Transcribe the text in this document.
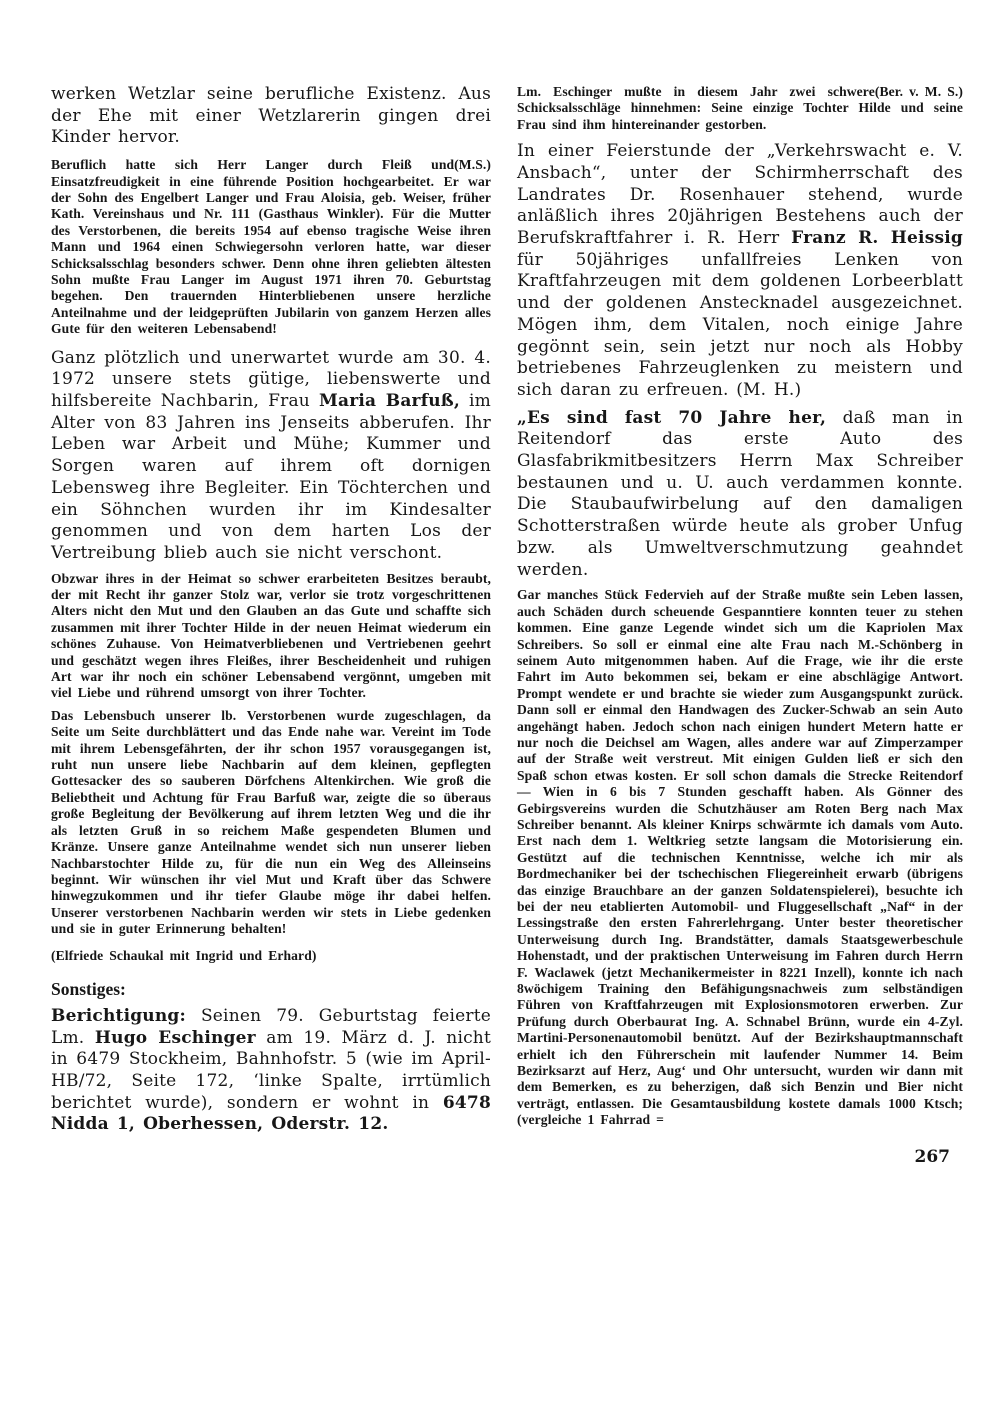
werken Wetzlar seine berufliche Existenz. Aus der Ehe mit einer Wetzlarerin gingen drei Kinder hervor.

(M.S.)
Beruflich hatte sich Herr Langer durch Fleiß und Einsatzfreudigkeit in eine führende Position hochgearbeitet. Er war der Sohn des Engelbert Langer und Frau Aloisia, geb. Weiser, früher Kath. Vereinshaus und Nr. 111 (Gasthaus Winkler). Für die Mutter des Verstorbenen, die bereits 1954 auf ebenso tragische Weise ihren Mann und 1964 einen Schwiegersohn verloren hatte, war dieser Schicksalsschlag besonders schwer. Denn ohne ihren geliebten ältesten Sohn mußte Frau Langer im August 1971 ihren 70. Geburtstag begehen. Den trauernden Hinterbliebenen unsere herzliche Anteilnahme und der leidgeprüften Jubilarin von ganzem Herzen alles Gute für den weiteren Lebensabend!

Ganz plötzlich und unerwartet wurde am 30. 4. 1972 unsere stets gütige, liebenswerte und hilfsbereite Nachbarin, Frau Maria Barfuß, im Alter von 83 Jahren ins Jenseits abberufen. Ihr Leben war Arbeit und Mühe; Kummer und Sorgen waren auf ihrem oft dornigen Lebensweg ihre Begleiter. Ein Töchterchen und ein Söhnchen wurden ihr im Kindesalter genommen und von dem harten Los der Vertreibung blieb auch sie nicht verschont.

Obzwar ihres in der Heimat so schwer erarbeiteten Besitzes beraubt, der mit Recht ihr ganzer Stolz war, verlor sie trotz vorgeschrittenen Alters nicht den Mut und den Glauben an das Gute und schaffte sich zusammen mit ihrer Tochter Hilde in der neuen Heimat wiederum ein schönes Zuhause. Von Heimatverbliebenen und Vertriebenen geehrt und geschätzt wegen ihres Fleißes, ihrer Bescheidenheit und ruhigen Art war ihr noch ein schöner Lebensabend vergönnt, umgeben mit viel Liebe und rührend umsorgt von ihrer Tochter.

Das Lebensbuch unserer lb. Verstorbenen wurde zugeschlagen, da Seite um Seite durchblättert und das Ende nahe war. Vereint im Tode mit ihrem Lebensgefährten, der ihr schon 1957 vorausgegangen ist, ruht nun unsere liebe Nachbarin auf dem kleinen, gepflegten Gottesacker des so sauberen Dörfchens Altenkirchen. Wie groß die Beliebtheit und Achtung für Frau Barfuß war, zeigte die so überaus große Begleitung der Bevölkerung auf ihrem letzten Weg und die ihr als letzten Gruß in so reichem Maße gespendeten Blumen und Kränze. Unsere ganze Anteilnahme wendet sich nun unserer lieben Nachbarstochter Hilde zu, für die nun ein Weg des Alleinseins beginnt. Wir wünschen ihr viel Mut und Kraft über das Schwere hinwegzukommen und ihr tiefer Glaube möge ihr dabei helfen. Unserer verstorbenen Nachbarin werden wir stets in Liebe gedenken und sie in guter Erinnerung behalten!

(Elfriede Schaukal mit Ingrid und Erhard)

Sonstiges:

Berichtigung: Seinen 79. Geburtstag feierte Lm. Hugo Eschinger am 19. März d. J. nicht in 6479 Stockheim, Bahnhofstr. 5 (wie im April-HB/72, Seite 172, ‘linke Spalte, irrtümlich berichtet wurde), sondern er wohnt in 6478 Nidda 1, Oberhessen, Oderstr. 12.

(Ber. v. M. S.)
Lm. Eschinger mußte in diesem Jahr zwei schwere Schicksalsschläge hinnehmen: Seine einzige Tochter Hilde und seine Frau sind ihm hintereinander gestorben.

In einer Feierstunde der „Verkehrswacht e. V. Ansbach“, unter der Schirmherrschaft des Landrates Dr. Rosenhauer stehend, wurde anläßlich ihres 20jährigen Bestehens auch der Berufskraftfahrer i. R. Herr Franz R. Heissig für 50jähriges unfallfreies Lenken von Kraftfahrzeugen mit dem goldenen Lorbeerblatt und der goldenen Anstecknadel ausgezeichnet. Mögen ihm, dem Vitalen, noch einige Jahre gegönnt sein, sein jetzt nur noch als Hobby betriebenes Fahrzeuglenken zu meistern und sich daran zu erfreuen. (M. H.)

„Es sind fast 70 Jahre her, daß man in Reitendorf das erste Auto des Glasfabrikmitbesitzers Herrn Max Schreiber bestaunen und u. U. auch verdammen konnte. Die Staubaufwirbelung auf den damaligen Schotterstraßen würde heute als grober Unfug bzw. als Umweltverschmutzung geahndet werden.

Gar manches Stück Federvieh auf der Straße mußte sein Leben lassen, auch Schäden durch scheuende Gespanntiere konnten teuer zu stehen kommen. Eine ganze Legende windet sich um die Kapriolen Max Schreibers. So soll er einmal eine alte Frau nach M.-Schönberg in seinem Auto mitgenommen haben. Auf die Frage, wie ihr die erste Fahrt im Auto bekommen sei, bekam er eine abschlägige Antwort. Prompt wendete er und brachte sie wieder zum Ausgangspunkt zurück. Dann soll er einmal den Handwagen des Zucker-Schwab an sein Auto angehängt haben. Jedoch schon nach einigen hundert Metern hatte er nur noch die Deichsel am Wagen, alles andere war auf Zimperzamper auf der Straße weit verstreut. Mit einigen Gulden ließ er sich den Spaß schon etwas kosten. Er soll schon damals die Strecke Reitendorf — Wien in 6 bis 7 Stunden geschafft haben. Als Gönner des Gebirgsvereins wurden die Schutzhäuser am Roten Berg nach Max Schreiber benannt. Als kleiner Knirps schwärmte ich damals vom Auto. Erst nach dem 1. Weltkrieg setzte langsam die Motorisierung ein. Gestützt auf die technischen Kenntnisse, welche ich mir als Bordmechaniker bei der tschechischen Fliegereinheit erwarb (übrigens das einzige Brauchbare an der ganzen Soldatenspielerei), besuchte ich bei der neu etablierten Automobil- und Fluggesellschaft „Naf“ in der Lessingstraße den ersten Fahrerlehrgang. Unter bester theoretischer Unterweisung durch Ing. Brandstätter, damals Staatsgewerbeschule Hohenstadt, und der praktischen Unterweisung im Fahren durch Herrn F. Waclawek (jetzt Mechanikermeister in 8221 Inzell), konnte ich nach 8wöchigem Training den Befähigungsnachweis zum selbständigen Führen von Kraftfahrzeugen mit Explosionsmotoren erwerben. Zur Prüfung durch Oberbaurat Ing. A. Schnabel Brünn, wurde ein 4-Zyl. Martini-Personenautomobil benützt. Auf der Bezirkshauptmannschaft erhielt ich den Führerschein mit laufender Nummer 14. Beim Bezirksarzt auf Herz, Aug‘ und Ohr untersucht, wurden wir dann mit dem Bemerken, es zu beherzigen, daß sich Benzin und Bier nicht verträgt, entlassen. Die Gesamtausbildung kostete damals 1000 Ktsch; (vergleiche 1 Fahrrad =

267
